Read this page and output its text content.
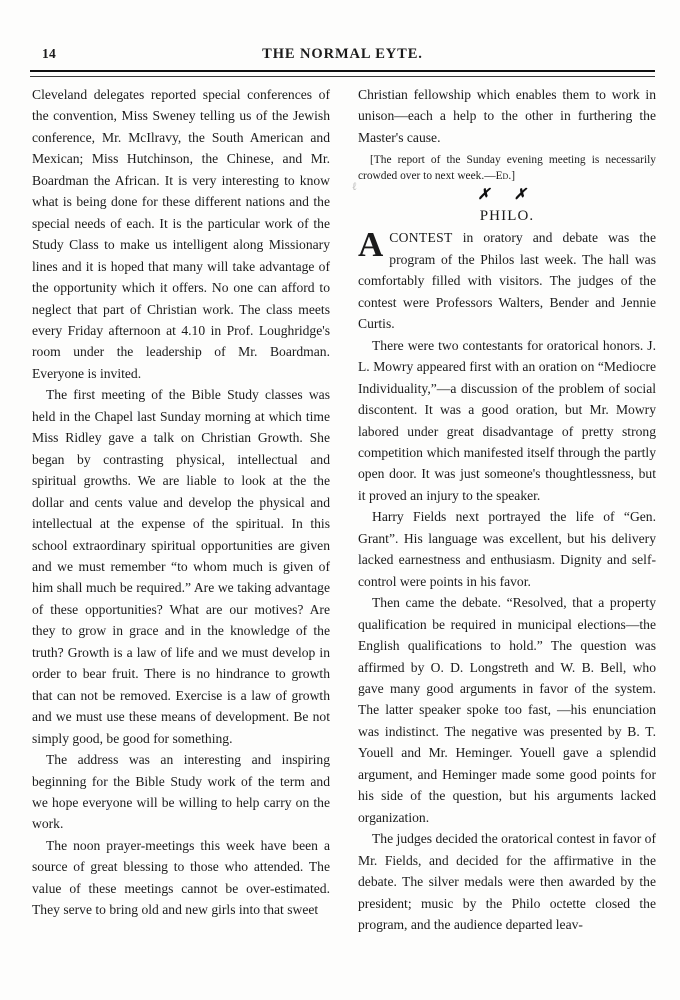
14	THE NORMAL EYTE.
ℓ

Cleveland delegates reported special conferences of the convention, Miss Sweney telling us of the Jewish conference, Mr. McIlravy, the South American and Mexican; Miss Hutchinson, the Chinese, and Mr. Boardman the African. It is very interesting to know what is being done for these different nations and the special needs of each. It is the particular work of the Study Class to make us intelligent along Missionary lines and it is hoped that many will take advantage of the opportunity which it offers. No one can afford to neglect that part of Christian work. The class meets every Friday afternoon at 4.10 in Prof. Loughridge's room under the leadership of Mr. Boardman. Everyone is invited.

The first meeting of the Bible Study classes was held in the Chapel last Sunday morning at which time Miss Ridley gave a talk on Christian Growth. She began by contrasting physical, intellectual and spiritual growths. We are liable to look at the the dollar and cents value and develop the physical and intellectual at the expense of the spiritual. In this school extraordinary spiritual opportunities are given and we must remember “to whom much is given of him shall much be required.” Are we taking advantage of these opportunities? What are our motives? Are they to grow in grace and in the knowledge of the truth? Growth is a law of life and we must develop in order to bear fruit. There is no hindrance to growth that can not be removed. Exercise is a law of growth and we must use these means of development. Be not simply good, be good for something.

The address was an interesting and inspiring beginning for the Bible Study work of the term and we hope everyone will be willing to help carry on the work.

The noon prayer-meetings this week have been a source of great blessing to those who attended. The value of these meetings cannot be over-estimated. They serve to bring old and new girls into that sweet

Christian fellowship which enables them to work in unison—each a help to the other in furthering the Master's cause.

[The report of the Sunday evening meeting is necessarily crowded over to next week.—Ed.]

✗ ✗

PHILO.

ACONTEST in oratory and debate was the program of the Philos last week. The hall was comfortably filled with visitors. The judges of the contest were Professors Walters, Bender and Jennie Curtis.

There were two contestants for oratorical honors. J. L. Mowry appeared first with an oration on “Mediocre Individuality,”—a discussion of the problem of social discontent. It was a good oration, but Mr. Mowry labored under great disadvantage of pretty strong competition which manifested itself through the partly open door. It was just someone's thoughtlessness, but it proved an injury to the speaker.

Harry Fields next portrayed the life of “Gen. Grant”. His language was excellent, but his delivery lacked earnestness and enthusiasm. Dignity and self-control were points in his favor.

Then came the debate. “Resolved, that a property qualification be required in municipal elections—the English qualifications to hold.” The question was affirmed by O. D. Longstreth and W. B. Bell, who gave many good arguments in favor of the system. The latter speaker spoke too fast, —his enunciation was indistinct. The negative was presented by B. T. Youell and Mr. Heminger. Youell gave a splendid argument, and Heminger made some good points for his side of the question, but his arguments lacked organization.

The judges decided the oratorical contest in favor of Mr. Fields, and decided for the affirmative in the debate. The silver medals were then awarded by the president; music by the Philo octette closed the program, and the audience departed leav-
